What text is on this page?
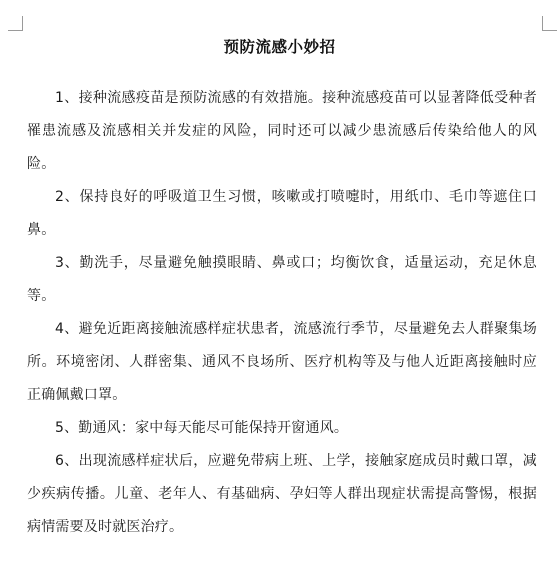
预防流感小妙招

1、接种流感疫苗是预防流感的有效措施。接种流感疫苗可以显著降低受种者罹患流感及流感相关并发症的风险，同时还可以减少患流感后传染给他人的风险。

2、保持良好的呼吸道卫生习惯，咳嗽或打喷嚏时，用纸巾、毛巾等遮住口鼻。

3、勤洗手，尽量避免触摸眼睛、鼻或口；均衡饮食，适量运动，充足休息等。

4、避免近距离接触流感样症状患者，流感流行季节，尽量避免去人群聚集场所。环境密闭、人群密集、通风不良场所、医疗机构等及与他人近距离接触时应正确佩戴口罩。

5、勤通风：家中每天能尽可能保持开窗通风。

6、出现流感样症状后，应避免带病上班、上学，接触家庭成员时戴口罩，减少疾病传播。儿童、老年人、有基础病、孕妇等人群出现症状需提高警惕，根据病情需要及时就医治疗。
